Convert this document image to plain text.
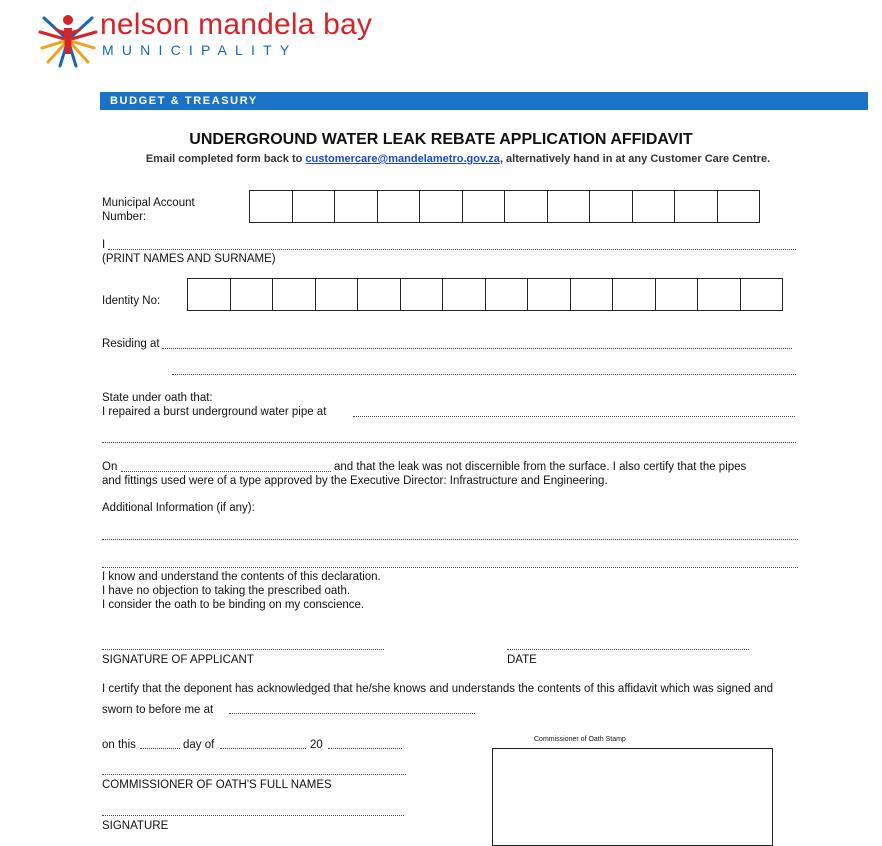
nelson mandela bay
MUNICIPALITY
BUDGET & TREASURY
UNDERGROUND WATER LEAK REBATE APPLICATION AFFIDAVIT
Email completed form back to customercare@mandelametro.gov.za, alternatively hand in at any Customer Care Centre.
Municipal Account
Number:
I
(PRINT NAMES AND SURNAME)
Identity No:
Residing at
State under oath that:
I repaired a burst underground water pipe at
On	and that the leak was not discernible from the surface. I also certify that the pipes
and fittings used were of a type approved by the Executive Director: Infrastructure and Engineering.
Additional Information (if any):
I know and understand the contents of this declaration.
I have no objection to taking the prescribed oath.
I consider the oath to be binding on my conscience.
SIGNATURE OF APPLICANT	DATE
I certify that the deponent has acknowledged that he/she knows and understands the contents of this affidavit which was signed and
sworn to before me at
on this	day of	20
COMMISSIONER OF OATH'S FULL NAMES
SIGNATURE
Commissioner of Oath Stamp
